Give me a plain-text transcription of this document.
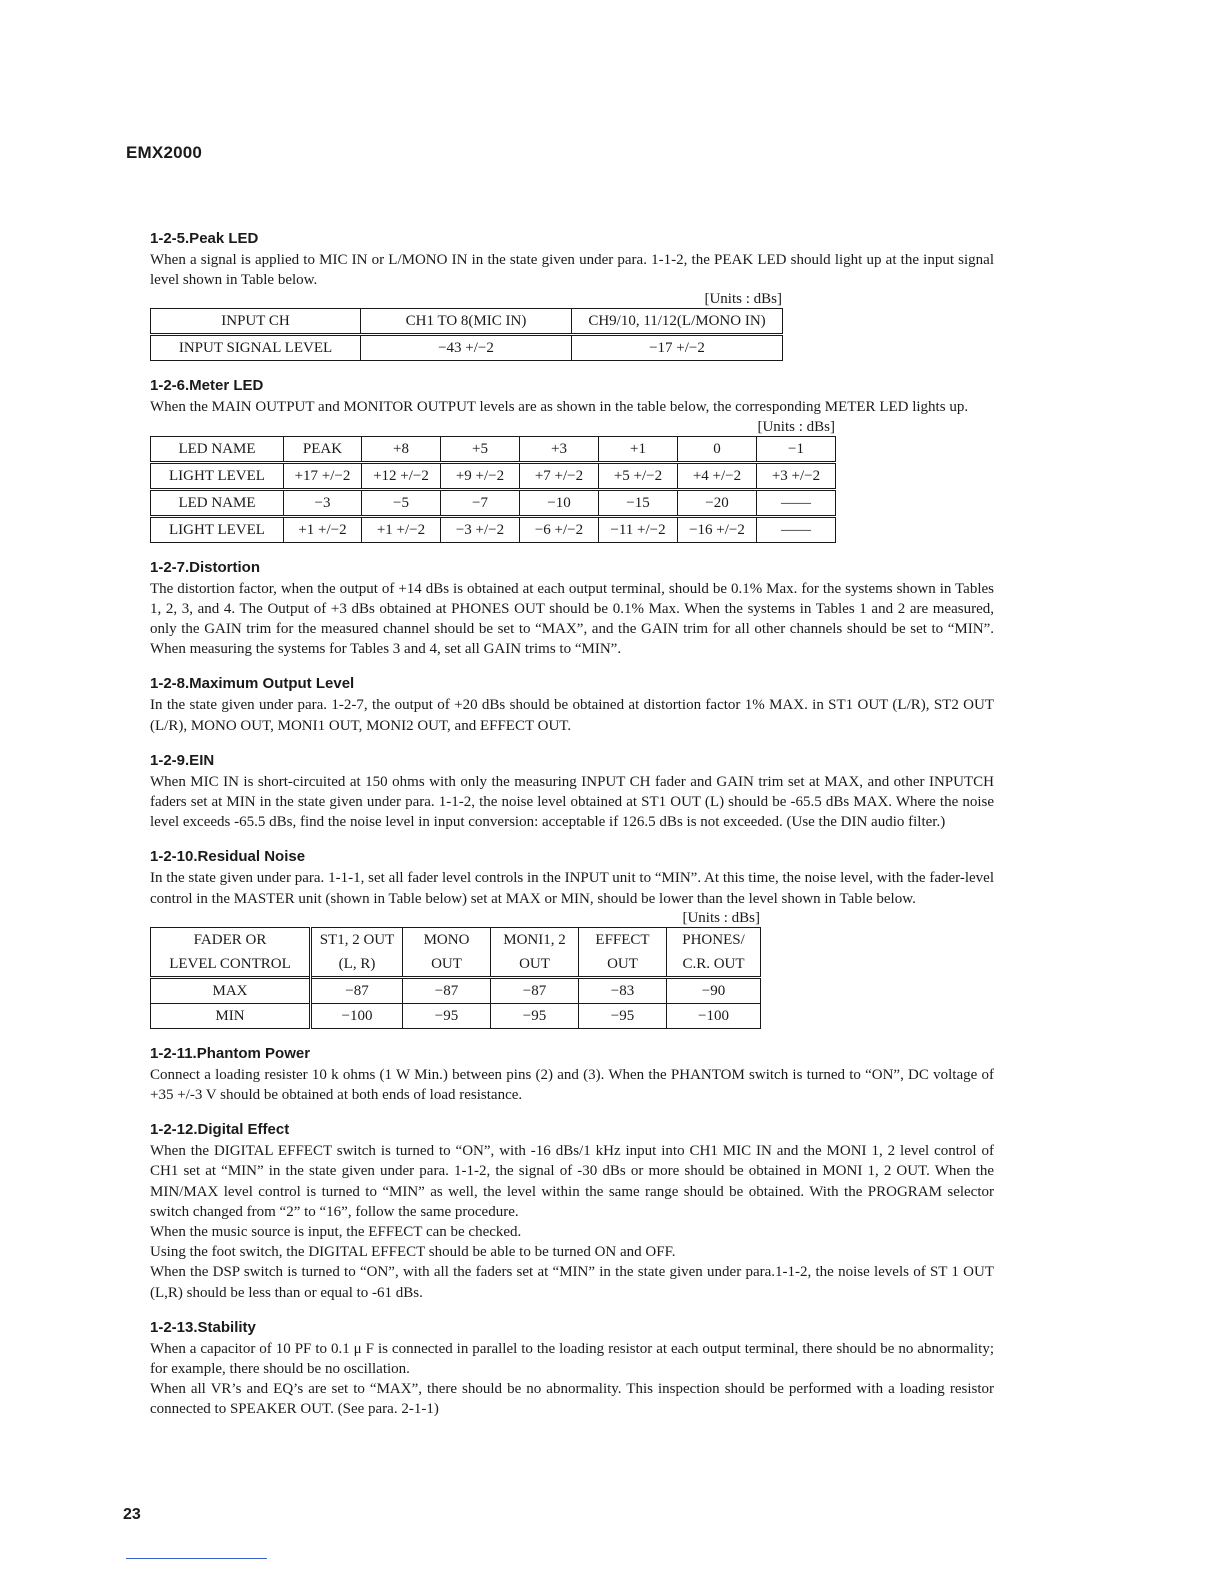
EMX2000
1-2-5.Peak LED

When a signal is applied to MIC IN or L/MONO IN in the state given under para. 1-1-2, the PEAK LED should light up at the input signal level shown in Table below.

[Units : dBs]
INPUT CH	CH1 TO 8(MIC IN)	CH9/10, 11/12(L/MONO IN)
INPUT SIGNAL LEVEL	−43 +/−2	−17 +/−2
1-2-6.Meter LED

When the MAIN OUTPUT and MONITOR OUTPUT levels are as shown in the table below, the corresponding METER LED lights up.

[Units : dBs]
LED NAME	PEAK	+8	+5	+3	+1	0	−1
LIGHT LEVEL	+17 +/−2	+12 +/−2	+9 +/−2	+7 +/−2	+5 +/−2	+4 +/−2	+3 +/−2
LED NAME	−3	−5	−7	−10	−15	−20	——
LIGHT LEVEL	+1 +/−2	+1 +/−2	−3 +/−2	−6 +/−2	−11 +/−2	−16 +/−2	——
1-2-7.Distortion

The distortion factor, when the output of +14 dBs is obtained at each output terminal, should be 0.1% Max. for the systems shown in Tables 1, 2, 3, and 4. The Output of +3 dBs obtained at PHONES OUT should be 0.1% Max. When the systems in Tables 1 and 2 are measured, only the GAIN trim for the measured channel should be set to “MAX”, and the GAIN trim for all other channels should be set to “MIN”. When measuring the systems for Tables 3 and 4, set all GAIN trims to “MIN”.

1-2-8.Maximum Output Level

In the state given under para. 1-2-7, the output of +20 dBs should be obtained at distortion factor 1% MAX. in ST1 OUT (L/R), ST2 OUT (L/R), MONO OUT, MONI1 OUT, MONI2 OUT, and EFFECT OUT.

1-2-9.EIN

When MIC IN is short-circuited at 150 ohms with only the measuring INPUT CH fader and GAIN trim set at MAX, and other INPUTCH faders set at MIN in the state given under para. 1-1-2, the noise level obtained at ST1 OUT (L) should be -65.5 dBs MAX. Where the noise level exceeds -65.5 dBs, find the noise level in input conversion: acceptable if 126.5 dBs is not exceeded. (Use the DIN audio filter.)

1-2-10.Residual Noise

In the state given under para. 1-1-1, set all fader level controls in the INPUT unit to “MIN”. At this time, the noise level, with the fader-level control in the MASTER unit (shown in Table below) set at MAX or MIN, should be lower than the level shown in Table below.

[Units : dBs]
FADER OR	ST1, 2 OUT	MONO	MONI1, 2	EFFECT	PHONES/
LEVEL CONTROL	(L, R)	OUT	OUT	OUT	C.R. OUT
MAX	−87	−87	−87	−83	−90
MIN	−100	−95	−95	−95	−100
1-2-11.Phantom Power

Connect a loading resister 10 k ohms (1 W Min.) between pins (2) and (3). When the PHANTOM switch is turned to “ON”, DC voltage of +35 +/-3 V should be obtained at both ends of load resistance.

1-2-12.Digital Effect

When the DIGITAL EFFECT switch is turned to “ON”, with -16 dBs/1 kHz input into CH1 MIC IN and the MONI 1, 2 level control of CH1 set at “MIN” in the state given under para. 1-1-2, the signal of -30 dBs or more should be obtained in MONI 1, 2 OUT. When the MIN/MAX level control is turned to “MIN” as well, the level within the same range should be obtained. With the PROGRAM selector switch changed from “2” to “16”, follow the same procedure.

When the music source is input, the EFFECT can be checked.

Using the foot switch, the DIGITAL EFFECT should be able to be turned ON and OFF.

When the DSP switch is turned to “ON”, with all the faders set at “MIN” in the state given under para.1-1-2, the noise levels of ST 1 OUT (L,R) should be less than or equal to -61 dBs.

1-2-13.Stability

When a capacitor of 10 PF to 0.1 μ F is connected in parallel to the loading resistor at each output terminal, there should be no abnormality; for example, there should be no oscillation.

When all VR’s and EQ’s are set to “MAX”, there should be no abnormality. This inspection should be performed with a loading resistor connected to SPEAKER OUT. (See para. 2-1-1)

23
